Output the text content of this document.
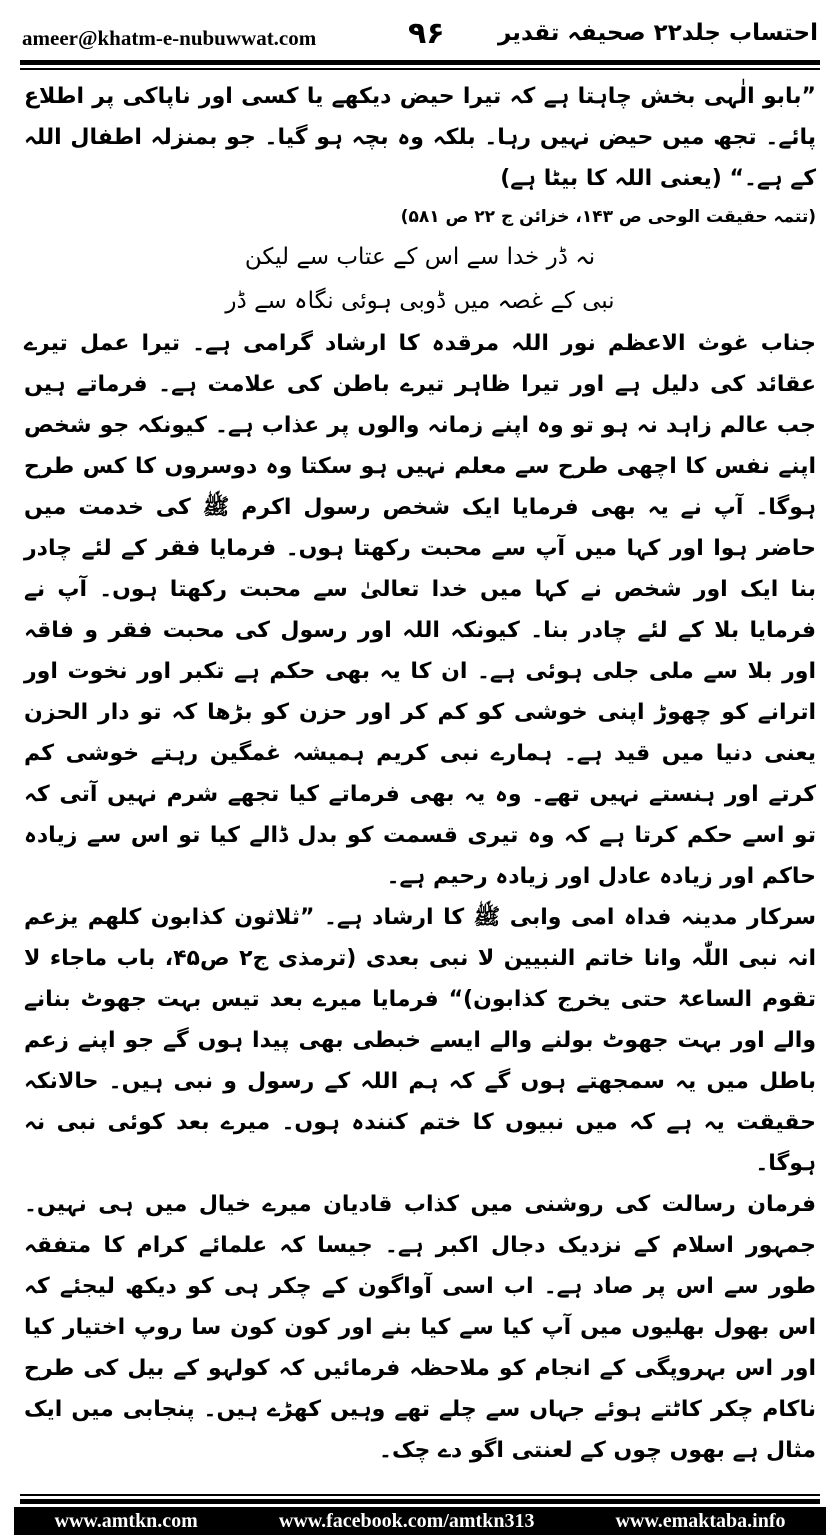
ameer@khatm-e-nubuwwat.com	۹۶ احتساب جلد۲۲ صحیفہ تقدیر

”بابو الٰہی بخش چاہتا ہے کہ تیرا حیض دیکھے یا کسی اور ناپاکی پر اطلاع پائے۔ تجھ میں حیض نہیں رہا۔ بلکہ وہ بچہ ہو گیا۔ جو بمنزلہ اطفال اللہ کے ہے۔“ (یعنی اللہ کا بیٹا ہے)

(تتمہ حقیقت الوحی ص ۱۴۳، خزائن ج ۲۲ ص ۵۸۱)

نہ ڈر خدا سے اس کے عتاب سے لیکن

نبی کے غصہ میں ڈوبی ہوئی نگاہ سے ڈر

جناب غوث الاعظم نور اللہ مرقدہ کا ارشاد گرامی ہے۔ تیرا عمل تیرے عقائد کی دلیل ہے اور تیرا ظاہر تیرے باطن کی علامت ہے۔ فرماتے ہیں جب عالم زاہد نہ ہو تو وہ اپنے زمانہ والوں پر عذاب ہے۔ کیونکہ جو شخص اپنے نفس کا اچھی طرح سے معلم نہیں ہو سکتا وہ دوسروں کا کس طرح ہوگا۔ آپ نے یہ بھی فرمایا ایک شخص رسول اکرم ﷺ کی خدمت میں حاضر ہوا اور کہا میں آپ سے محبت رکھتا ہوں۔ فرمایا فقر کے لئے چادر بنا ایک اور شخص نے کہا میں خدا تعالیٰ سے محبت رکھتا ہوں۔ آپ نے فرمایا بلا کے لئے چادر بنا۔ کیونکہ اللہ اور رسول کی محبت فقر و فاقہ اور بلا سے ملی جلی ہوئی ہے۔ ان کا یہ بھی حکم ہے تکبر اور نخوت اور اترانے کو چھوڑ اپنی خوشی کو کم کر اور حزن کو بڑھا کہ تو دار الحزن یعنی دنیا میں قید ہے۔ ہمارے نبی کریم ہمیشہ غمگین رہتے خوشی کم کرتے اور ہنستے نہیں تھے۔ وہ یہ بھی فرماتے کیا تجھے شرم نہیں آتی کہ تو اسے حکم کرتا ہے کہ وہ تیری قسمت کو بدل ڈالے کیا تو اس سے زیادہ حاکم اور زیادہ عادل اور زیادہ رحیم ہے۔

سرکار مدینہ فداہ امی وابی ﷺ کا ارشاد ہے۔ ”ثلاثون کذابون کلھم یزعم انہ نبی اللّٰہ وانا خاتم النبیین لا نبی بعدی (ترمذی ج۲ ص۴۵، باب ماجاء لا تقوم الساعۃ حتی یخرج کذابون)“ فرمایا میرے بعد تیس بہت جھوٹ بنانے والے اور بہت جھوٹ بولنے والے ایسے خبطی بھی پیدا ہوں گے جو اپنے زعم باطل میں یہ سمجھتے ہوں گے کہ ہم اللہ کے رسول و نبی ہیں۔ حالانکہ حقیقت یہ ہے کہ میں نبیوں کا ختم کنندہ ہوں۔ میرے بعد کوئی نبی نہ ہوگا۔

فرمان رسالت کی روشنی میں کذاب قادیان میرے خیال میں ہی نہیں۔ جمہور اسلام کے نزدیک دجال اکبر ہے۔ جیسا کہ علمائے کرام کا متفقہ طور سے اس پر صاد ہے۔ اب اسی آواگون کے چکر ہی کو دیکھ لیجئے کہ اس بھول بھلیوں میں آپ کیا سے کیا بنے اور کون کون سا روپ اختیار کیا اور اس بہروپگی کے انجام کو ملاحظہ فرمائیں کہ کولہو کے بیل کی طرح ناکام چکر کاٹتے ہوئے جہاں سے چلے تھے وہیں کھڑے ہیں۔ پنجابی میں ایک مثال ہے بھوں چوں کے لعنتی اگو دے چک۔

www.amtkn.com	www.facebook.com/amtkn313	www.emaktaba.info
